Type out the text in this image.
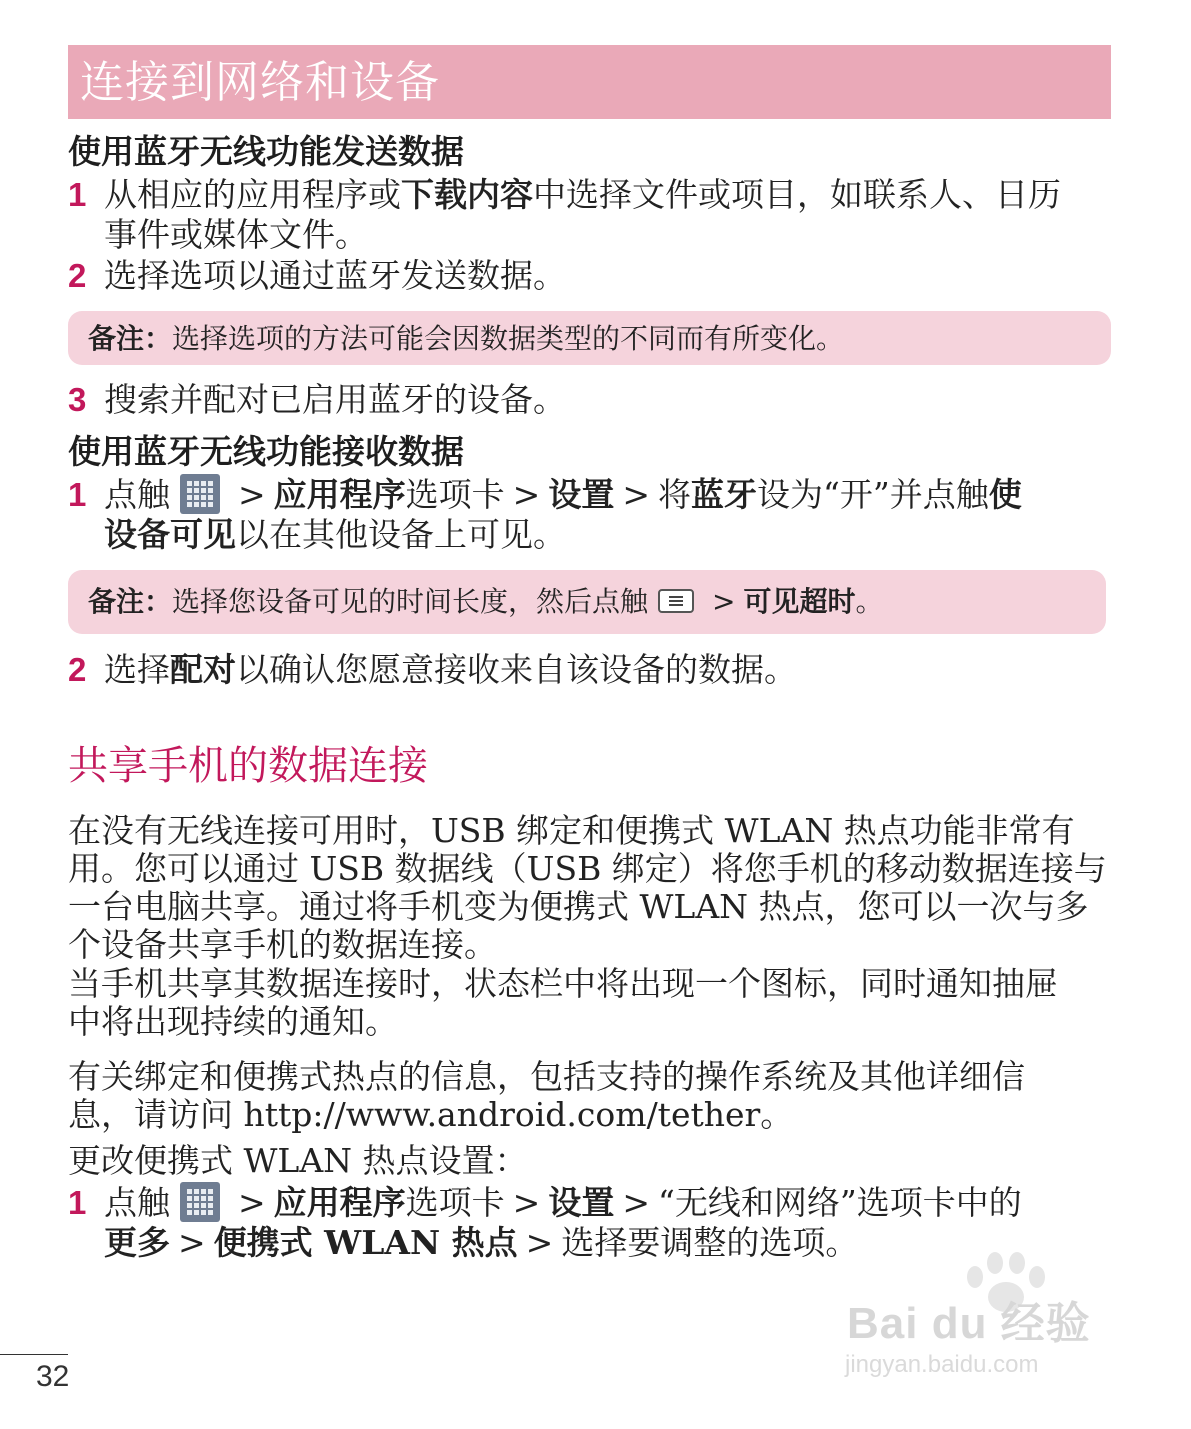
连接到网络和设备
使用蓝牙无线功能发送数据
1 从相应的应用程序或下载内容中选择文件或项目，如联系人、日历
事件或媒体文件。
2 选择选项以通过蓝牙发送数据。
备注：选择选项的方法可能会因数据类型的不同而有所变化。
3 搜索并配对已启用蓝牙的设备。
使用蓝牙无线功能接收数据
1 点触 > 应用程序选项卡 > 设置 > 将蓝牙设为“开”并点触使
设备可见以在其他设备上可见。
备注：选择您设备可见的时间长度，然后点触 > 可见超时。
2 选择配对以确认您愿意接收来自该设备的数据。
共享手机的数据连接
在没有无线连接可用时，USB 绑定和便携式 WLAN 热点功能非常有
用。您可以通过 USB 数据线（USB 绑定）将您手机的移动数据连接与
一台电脑共享。通过将手机变为便携式 WLAN 热点，您可以一次与多
个设备共享手机的数据连接。
当手机共享其数据连接时，状态栏中将出现一个图标，同时通知抽屉
中将出现持续的通知。
有关绑定和便携式热点的信息，包括支持的操作系统及其他详细信
息，请访问 http://www.android.com/tether。
更改便携式 WLAN 热点设置：
1 点触 > 应用程序选项卡 > 设置 > “无线和网络”选项卡中的
更多 > 便携式 WLAN 热点 > 选择要调整的选项。
32
Bai du 经验
jingyan.baidu.com
